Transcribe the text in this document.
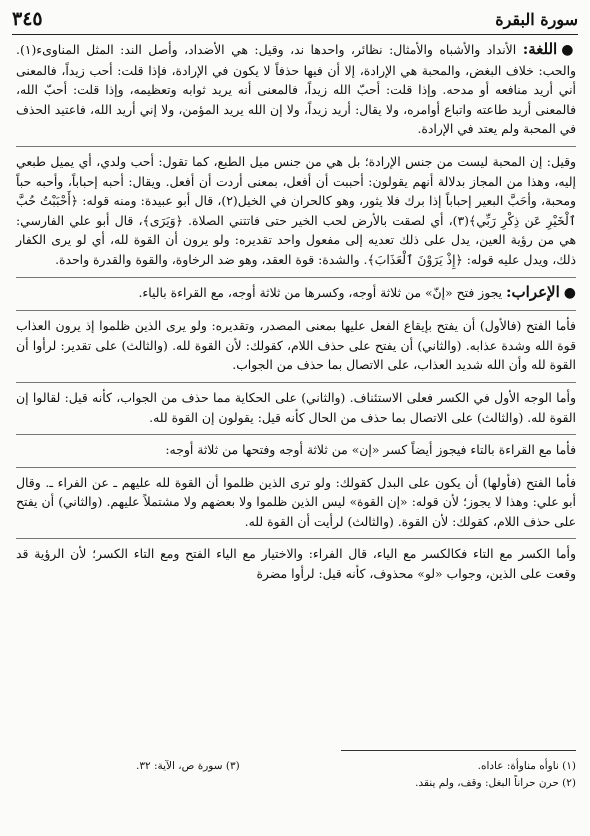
سورة البقرة
٣٤٥
●اللغة: الأنداد والأشباه والأمثال: نظائر، واحدها ند، وقيل: هي الأضداد، وأصل الند: المثل المناوىء(١). والحب: خلاف البغض، والمحبة هي الإرادة، إلا أن فيها حذفاً لا يكون في الإرادة، فإذا قلت: أحب زيداً، فالمعنى أني أريد منافعه أو مدحه. وإذا قلت: أحبّ الله زيداً، فالمعنى أنه يريد ثوابه وتعظيمه، وإذا قلت: أحبّ الله، فالمعنى أريد طاعته واتباع أوامره، ولا يقال: أريد زيداً، ولا إن الله يريد المؤمن، ولا إني أريد الله، فاعتيد الحذف في المحبة ولم يعتد في الإرادة.
وقيل: إن المحبة ليست من جنس الإرادة؛ بل هي من جنس ميل الطبع، كما تقول: أحب ولدي، أي يميل طبعي إليه، وهذا من المجاز بدلالة أنهم يقولون: أحببت أن أفعل، بمعنى أردت أن أفعل. ويقال: أحبه إحباباً، وأحبه حباً ومحبة، وأحَبَّ البعير إحباباً إذا برك فلا يثور، وهو كالحران في الخيل(٢)، قال أبو عبيدة: ومنه قوله: ﴿أَحْبَبْتُ حُبَّ ٱلْخَيْرِ عَن ذِكْرِ رَبِّي﴾(٣)، أي لصقت بالأرض لحب الخير حتى فاتتني الصلاة. ﴿وَيَرَى﴾، قال أبو علي الفارسي: هي من رؤية العين، يدل على ذلك تعديه إلى مفعول واحد تقديره: ولو يرون أن القوة لله، أي لو يرى الكفار ذلك، ويدل عليه قوله: ﴿إِذْ يَرَوْنَ ٱلْعَذَابَ﴾. والشدة: قوة العقد، وهو ضد الرخاوة، والقوة والقدرة واحدة.
●الإعراب: يجوز فتح «إنّ» من ثلاثة أوجه، وكسرها من ثلاثة أوجه، مع القراءة بالياء.
فأما الفتح (فالأول) أن يفتح بإيقاع الفعل عليها بمعنى المصدر، وتقديره: ولو يرى الذين ظلموا إذ يرون العذاب قوة الله وشدة عذابه. (والثاني) أن يفتح على حذف اللام، كقولك: لأن القوة لله. (والثالث) على تقدير: لرأوا أن القوة لله وأن الله شديد العذاب، على الاتصال بما حذف من الجواب.
وأما الوجه الأول في الكسر فعلى الاستئناف. (والثاني) على الحكاية مما حذف من الجواب، كأنه قيل: لقالوا إن القوة لله. (والثالث) على الاتصال بما حذف من الحال كأنه قيل: يقولون إن القوة لله.
فأما مع القراءة بالتاء فيجوز أيضاً كسر «إن» من ثلاثة أوجه وفتحها من ثلاثة أوجه:
فأما الفتح (فأولها) أن يكون على البدل كقولك: ولو ترى الذين ظلموا أن القوة لله عليهم ـ عن الفراء ـ. وقال أبو علي: وهذا لا يجوز؛ لأن قوله: «إن القوة» ليس الذين ظلموا ولا بعضهم ولا مشتملاً عليهم. (والثاني) أن يفتح على حذف اللام، كقولك: لأن القوة. (والثالث) لرأيت أن القوة لله.
وأما الكسر مع التاء فكالكسر مع الياء، قال الفراء: والاختيار مع الياء الفتح ومع التاء الكسر؛ لأن الرؤية قد وقعت على الذين، وجواب «لو» محذوف، كأنه قيل: لرأوا مضرة
(١) ناوأه مناوأة: عاداه.
(٣) سورة ص، الآية: ٣٢.
(٢) حرن حراناً البغل: وقف، ولم ينقد.
